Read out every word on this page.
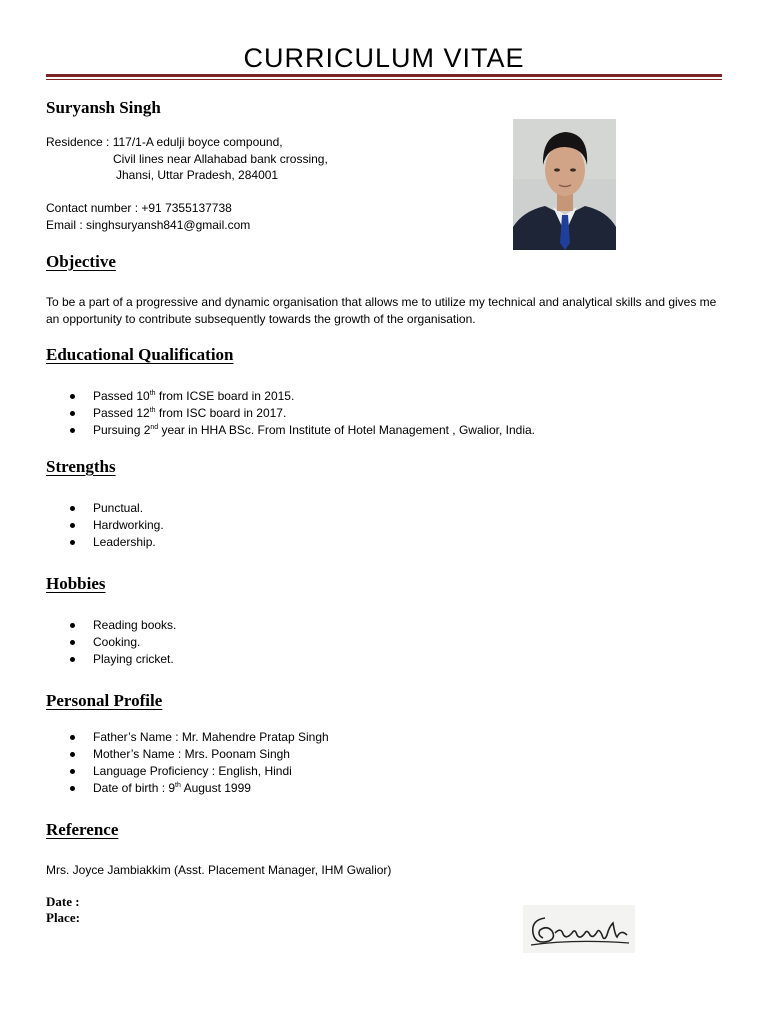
CURRICULUM VITAE
Suryansh Singh
Residence : 117/1-A edulji boyce compound,
Civil lines near Allahabad bank crossing,
Jhansi, Uttar Pradesh, 284001
Contact number : +91 7355137738
Email : singhsuryansh841@gmail.com
Objective
To be a part of a progressive and dynamic organisation that allows me to utilize my technical and analytical skills and gives me an opportunity to contribute subsequently towards the growth of the organisation.
Educational Qualification
Passed 10th from ICSE board in 2015.
Passed 12th from ISC board in 2017.
Pursuing 2nd year in HHA BSc. From Institute of Hotel Management , Gwalior, India.
Strengths
Punctual.
Hardworking.
Leadership.
Hobbies
Reading books.
Cooking.
Playing cricket.
Personal Profile
Father’s Name : Mr. Mahendre Pratap Singh
Mother’s Name : Mrs. Poonam Singh
Language Proficiency : English, Hindi
Date of birth : 9th August 1999
Reference
Mrs. Joyce Jambiakkim (Asst. Placement Manager, IHM Gwalior)
Date :
Place:
